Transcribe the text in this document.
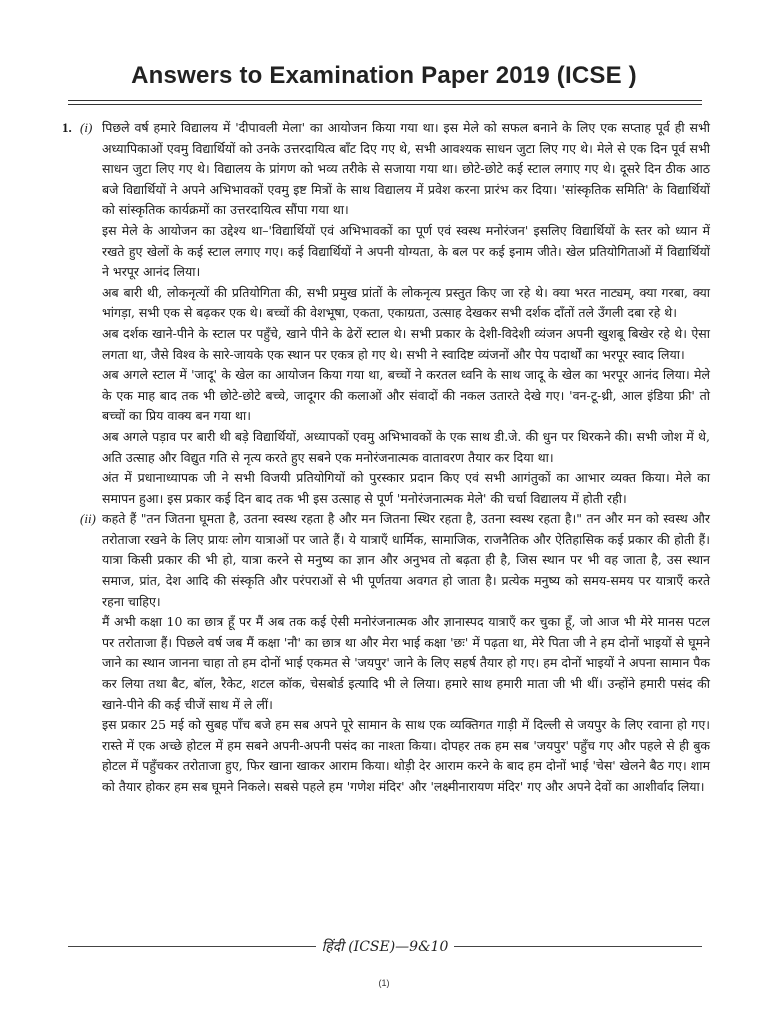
Answers to Examination Paper 2019 (ICSE )
1. (i) पिछले वर्ष हमारे विद्यालय में 'दीपावली मेला' का आयोजन किया गया था। इस मेले को सफल बनाने के लिए एक सप्ताह पूर्व ही सभी अध्यापिकाओं एवमु विद्यार्थियों को उनके उत्तरदायित्व बाँट दिए गए थे, सभी आवश्यक साधन जुटा लिए गए थे। मेले से एक दिन पूर्व सभी साधन जुटा लिए गए थे। विद्यालय के प्रांगण को भव्य तरीके से सजाया गया था। छोटे-छोटे कई स्टाल लगाए गए थे। दूसरे दिन ठीक आठ बजे विद्यार्थियों ने अपने अभिभावकों एवमु इष्ट मित्रों के साथ विद्यालय में प्रवेश करना प्रारंभ कर दिया। 'सांस्कृतिक समिति' के विद्यार्थियों को सांस्कृतिक कार्यक्रमों का उत्तरदायित्व सौंपा गया था।

इस मेले के आयोजन का उद्देश्य था–'विद्यार्थियों एवं अभिभावकों का पूर्ण एवं स्वस्थ मनोरंजन' इसलिए विद्यार्थियों के स्तर को ध्यान में रखते हुए खेलों के कई स्टाल लगाए गए। कई विद्यार्थियों ने अपनी योग्यता, के बल पर कई इनाम जीते। खेल प्रतियोगिताओं में विद्यार्थियों ने भरपूर आनंद लिया।

अब बारी थी, लोकनृत्यों की प्रतियोगिता की, सभी प्रमुख प्रांतों के लोकनृत्य प्रस्तुत किए जा रहे थे। क्या भरत नाट्यम्, क्या गरबा, क्या भांगड़ा, सभी एक से बढ़कर एक थे। बच्चों की वेशभूषा, एकता, एकाग्रता, उत्साह देखकर सभी दर्शक दाँतों तले उँगली दबा रहे थे।

अब दर्शक खाने-पीने के स्टाल पर पहुँचे, खाने पीने के ढेरों स्टाल थे। सभी प्रकार के देशी-विदेशी व्यंजन अपनी खुशबू बिखेर रहे थे। ऐसा लगता था, जैसे विश्व के सारे-जायके एक स्थान पर एकत्र हो गए थे। सभी ने स्वादिष्ट व्यंजनों और पेय पदार्थों का भरपूर स्वाद लिया।

अब अगले स्टाल में 'जादू' के खेल का आयोजन किया गया था, बच्चों ने करतल ध्वनि के साथ जादू के खेल का भरपूर आनंद लिया। मेले के एक माह बाद तक भी छोटे-छोटे बच्चे, जादूगर की कलाओं और संवादों की नकल उतारते देखे गए। 'वन-टू-थ्री, आल इंडिया फ्री' तो बच्चों का प्रिय वाक्य बन गया था।

अब अगले पड़ाव पर बारी थी बड़े विद्यार्थियों, अध्यापकों एवमु अभिभावकों के एक साथ डी.जे. की धुन पर थिरकने की। सभी जोश में थे, अति उत्साह और विद्युत गति से नृत्य करते हुए सबने एक मनोरंजनात्मक वातावरण तैयार कर दिया था।

अंत में प्रधानाध्यापक जी ने सभी विजयी प्रतियोगियों को पुरस्कार प्रदान किए एवं सभी आगंतुकों का आभार व्यक्त किया। मेले का समापन हुआ। इस प्रकार कई दिन बाद तक भी इस उत्साह से पूर्ण 'मनोरंजनात्मक मेले' की चर्चा विद्यालय में होती रही।

(ii) कहते हैं "तन जितना घूमता है, उतना स्वस्थ रहता है और मन जितना स्थिर रहता है, उतना स्वस्थ रहता है।" तन और मन को स्वस्थ और तरोताजा रखने के लिए प्रायः लोग यात्राओं पर जाते हैं। ये यात्राएँ धार्मिक, सामाजिक, राजनैतिक और ऐतिहासिक कई प्रकार की होती हैं। यात्रा किसी प्रकार की भी हो, यात्रा करने से मनुष्य का ज्ञान और अनुभव तो बढ़ता ही है, जिस स्थान पर भी वह जाता है, उस स्थान समाज, प्रांत, देश आदि की संस्कृति और परंपराओं से भी पूर्णतया अवगत हो जाता है। प्रत्येक मनुष्य को समय-समय पर यात्राएँ करते रहना चाहिए।

मैं अभी कक्षा 10 का छात्र हूँ पर मैं अब तक कई ऐसी मनोरंजनात्मक और ज्ञानास्पद यात्राएँ कर चुका हूँ, जो आज भी मेरे मानस पटल पर तरोताजा हैं। पिछले वर्ष जब मैं कक्षा 'नौ' का छात्र था और मेरा भाई कक्षा 'छः' में पढ़ता था, मेरे पिता जी ने हम दोनों भाइयों से घूमने जाने का स्थान जानना चाहा तो हम दोनों भाई एकमत से 'जयपुर' जाने के लिए सहर्ष तैयार हो गए। हम दोनों भाइयों ने अपना सामान पैक कर लिया तथा बैट, बॉल, रैकेट, शटल कॉक, चेसबोर्ड इत्यादि भी ले लिया। हमारे साथ हमारी माता जी भी थीं। उन्होंने हमारी पसंद की खाने-पीने की कई चीजें साथ में ले लीं।

इस प्रकार 25 मई को सुबह पाँच बजे हम सब अपने पूरे सामान के साथ एक व्यक्तिगत गाड़ी में दिल्ली से जयपुर के लिए रवाना हो गए। रास्ते में एक अच्छे होटल में हम सबने अपनी-अपनी पसंद का नाश्ता किया। दोपहर तक हम सब 'जयपुर' पहुँच गए और पहले से ही बुक होटल में पहुँचकर तरोताजा हुए, फिर खाना खाकर आराम किया। थोड़ी देर आराम करने के बाद हम दोनों भाई 'चेस' खेलने बैठ गए। शाम को तैयार होकर हम सब घूमने निकले। सबसे पहले हम 'गणेश मंदिर' और 'लक्ष्मीनारायण मंदिर' गए और अपने देवों का आशीर्वाद लिया।

हिंदी (ICSE)—9&10
(1)
